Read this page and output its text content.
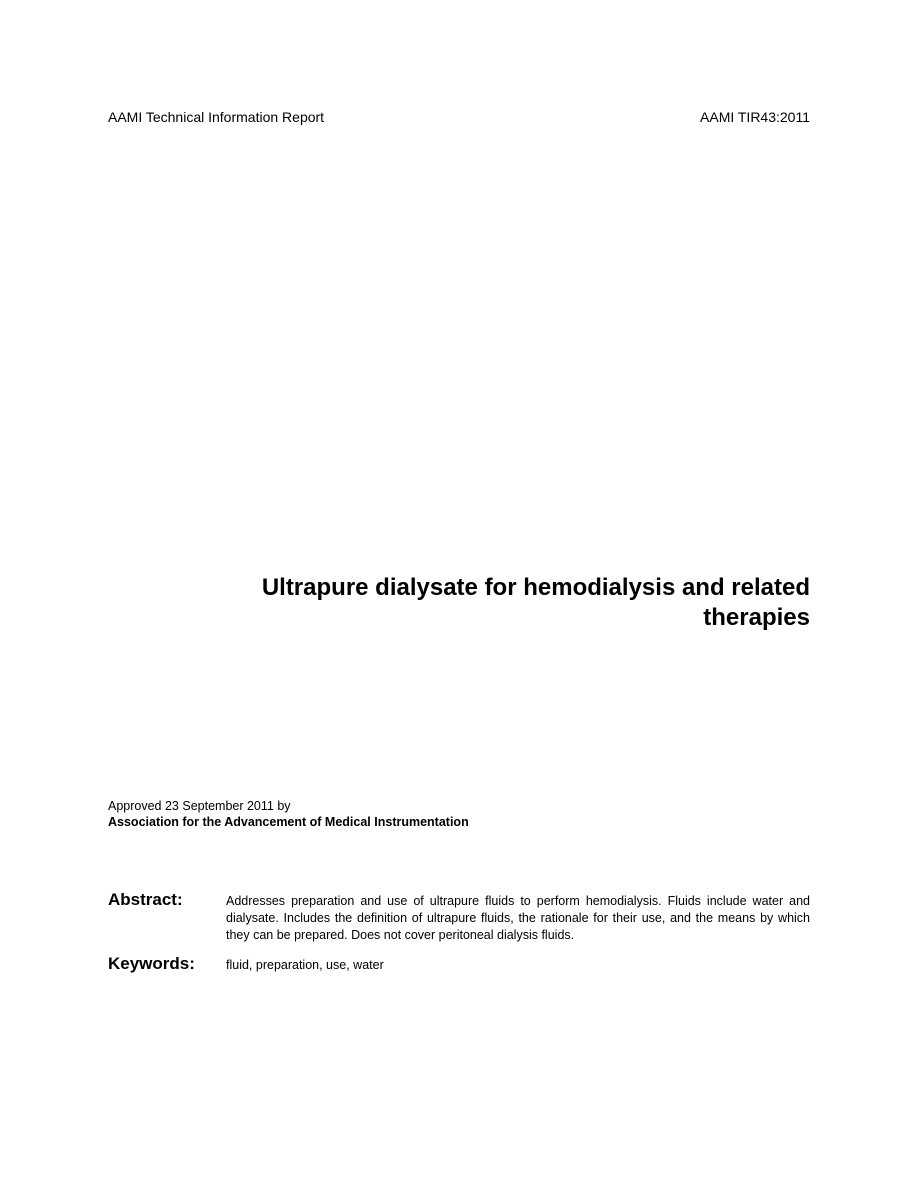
AAMI Technical Information Report	AAMI TIR43:2011
Ultrapure dialysate for hemodialysis and related
therapies
Approved 23 September 2011 by
Association for the Advancement of Medical Instrumentation
Abstract:	Addresses preparation and use of ultrapure fluids to perform hemodialysis. Fluids include water and dialysate. Includes the definition of ultrapure fluids, the rationale for their use, and the means by which they can be prepared. Does not cover peritoneal dialysis fluids.
Keywords: fluid, preparation, use, water
